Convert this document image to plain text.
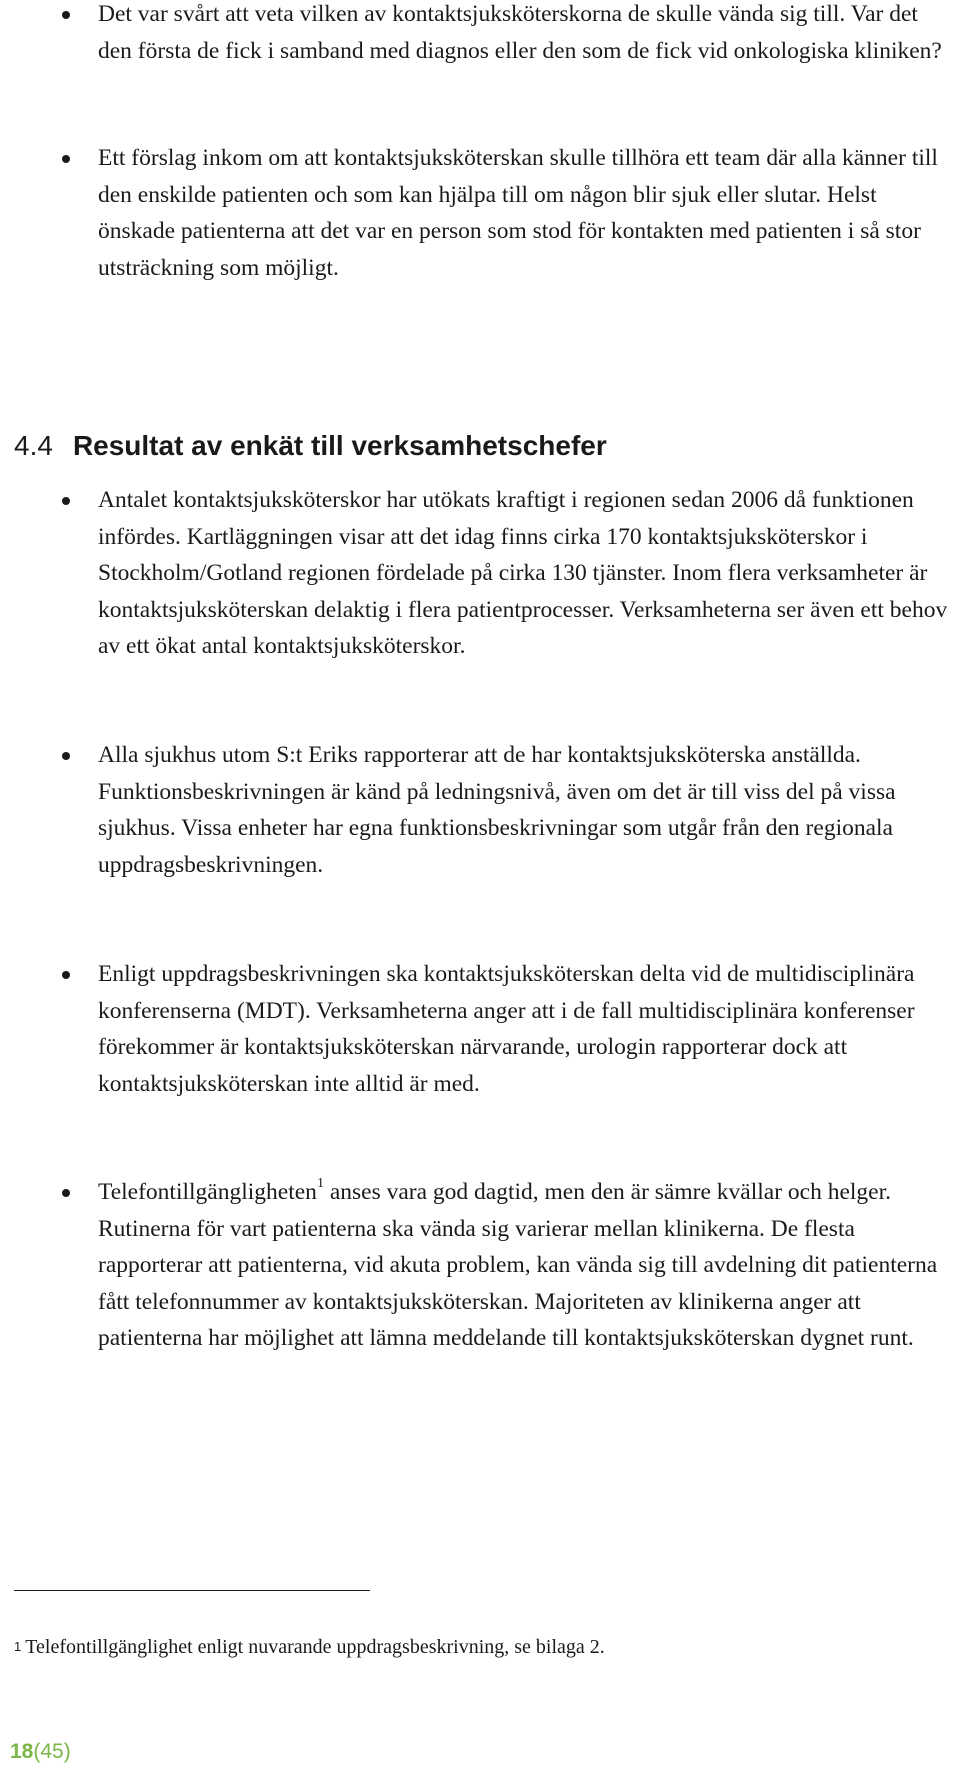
Det var svårt att veta vilken av kontaktsjuksköterskorna de skulle vända sig till. Var det den första de fick i samband med diagnos eller den som de fick vid onkologiska kliniken?
Ett förslag inkom om att kontaktsjuksköterskan skulle tillhöra ett team där alla känner till den enskilde patienten och som kan hjälpa till om någon blir sjuk eller slutar. Helst önskade patienterna att det var en person som stod för kontakten med patienten i så stor utsträckning som möjligt.
4.4 Resultat av enkät till verksamhetschefer
Antalet kontaktsjuksköterskor har utökats kraftigt i regionen sedan 2006 då funktionen infördes. Kartläggningen visar att det idag finns cirka 170 kontaktsjuksköterskor i Stockholm/Gotland regionen fördelade på cirka 130 tjänster. Inom flera verksamheter är kontaktsjuksköterskan delaktig i flera patientprocesser. Verksamheterna ser även ett behov av ett ökat antal kontaktsjuksköterskor.
Alla sjukhus utom S:t Eriks rapporterar att de har kontaktsjuksköterska anställda. Funktionsbeskrivningen är känd på ledningsnivå, även om det är till viss del på vissa sjukhus. Vissa enheter har egna funktionsbeskrivningar som utgår från den regionala uppdragsbeskrivningen.
Enligt uppdragsbeskrivningen ska kontaktsjuksköterskan delta vid de multidisciplinära konferenserna (MDT). Verksamheterna anger att i de fall multidisciplinära konferenser förekommer är kontaktsjuksköterskan närvarande, urologin rapporterar dock att kontaktsjuksköterskan inte alltid är med.
Telefontillgängligheten$^1$ anses vara god dagtid, men den är sämre kvällar och helger. Rutinerna för vart patienterna ska vända sig varierar mellan klinikerna. De flesta rapporterar att patienterna, vid akuta problem, kan vända sig till avdelning dit patienterna fått telefonnummer av kontaktsjuksköterskan. Majoriteten av klinikerna anger att patienterna har möjlighet att lämna meddelande till kontaktsjuksköterskan dygnet runt.
$^1$ Telefontillgänglighet enligt nuvarande uppdragsbeskrivning, se bilaga 2.
18(45)
